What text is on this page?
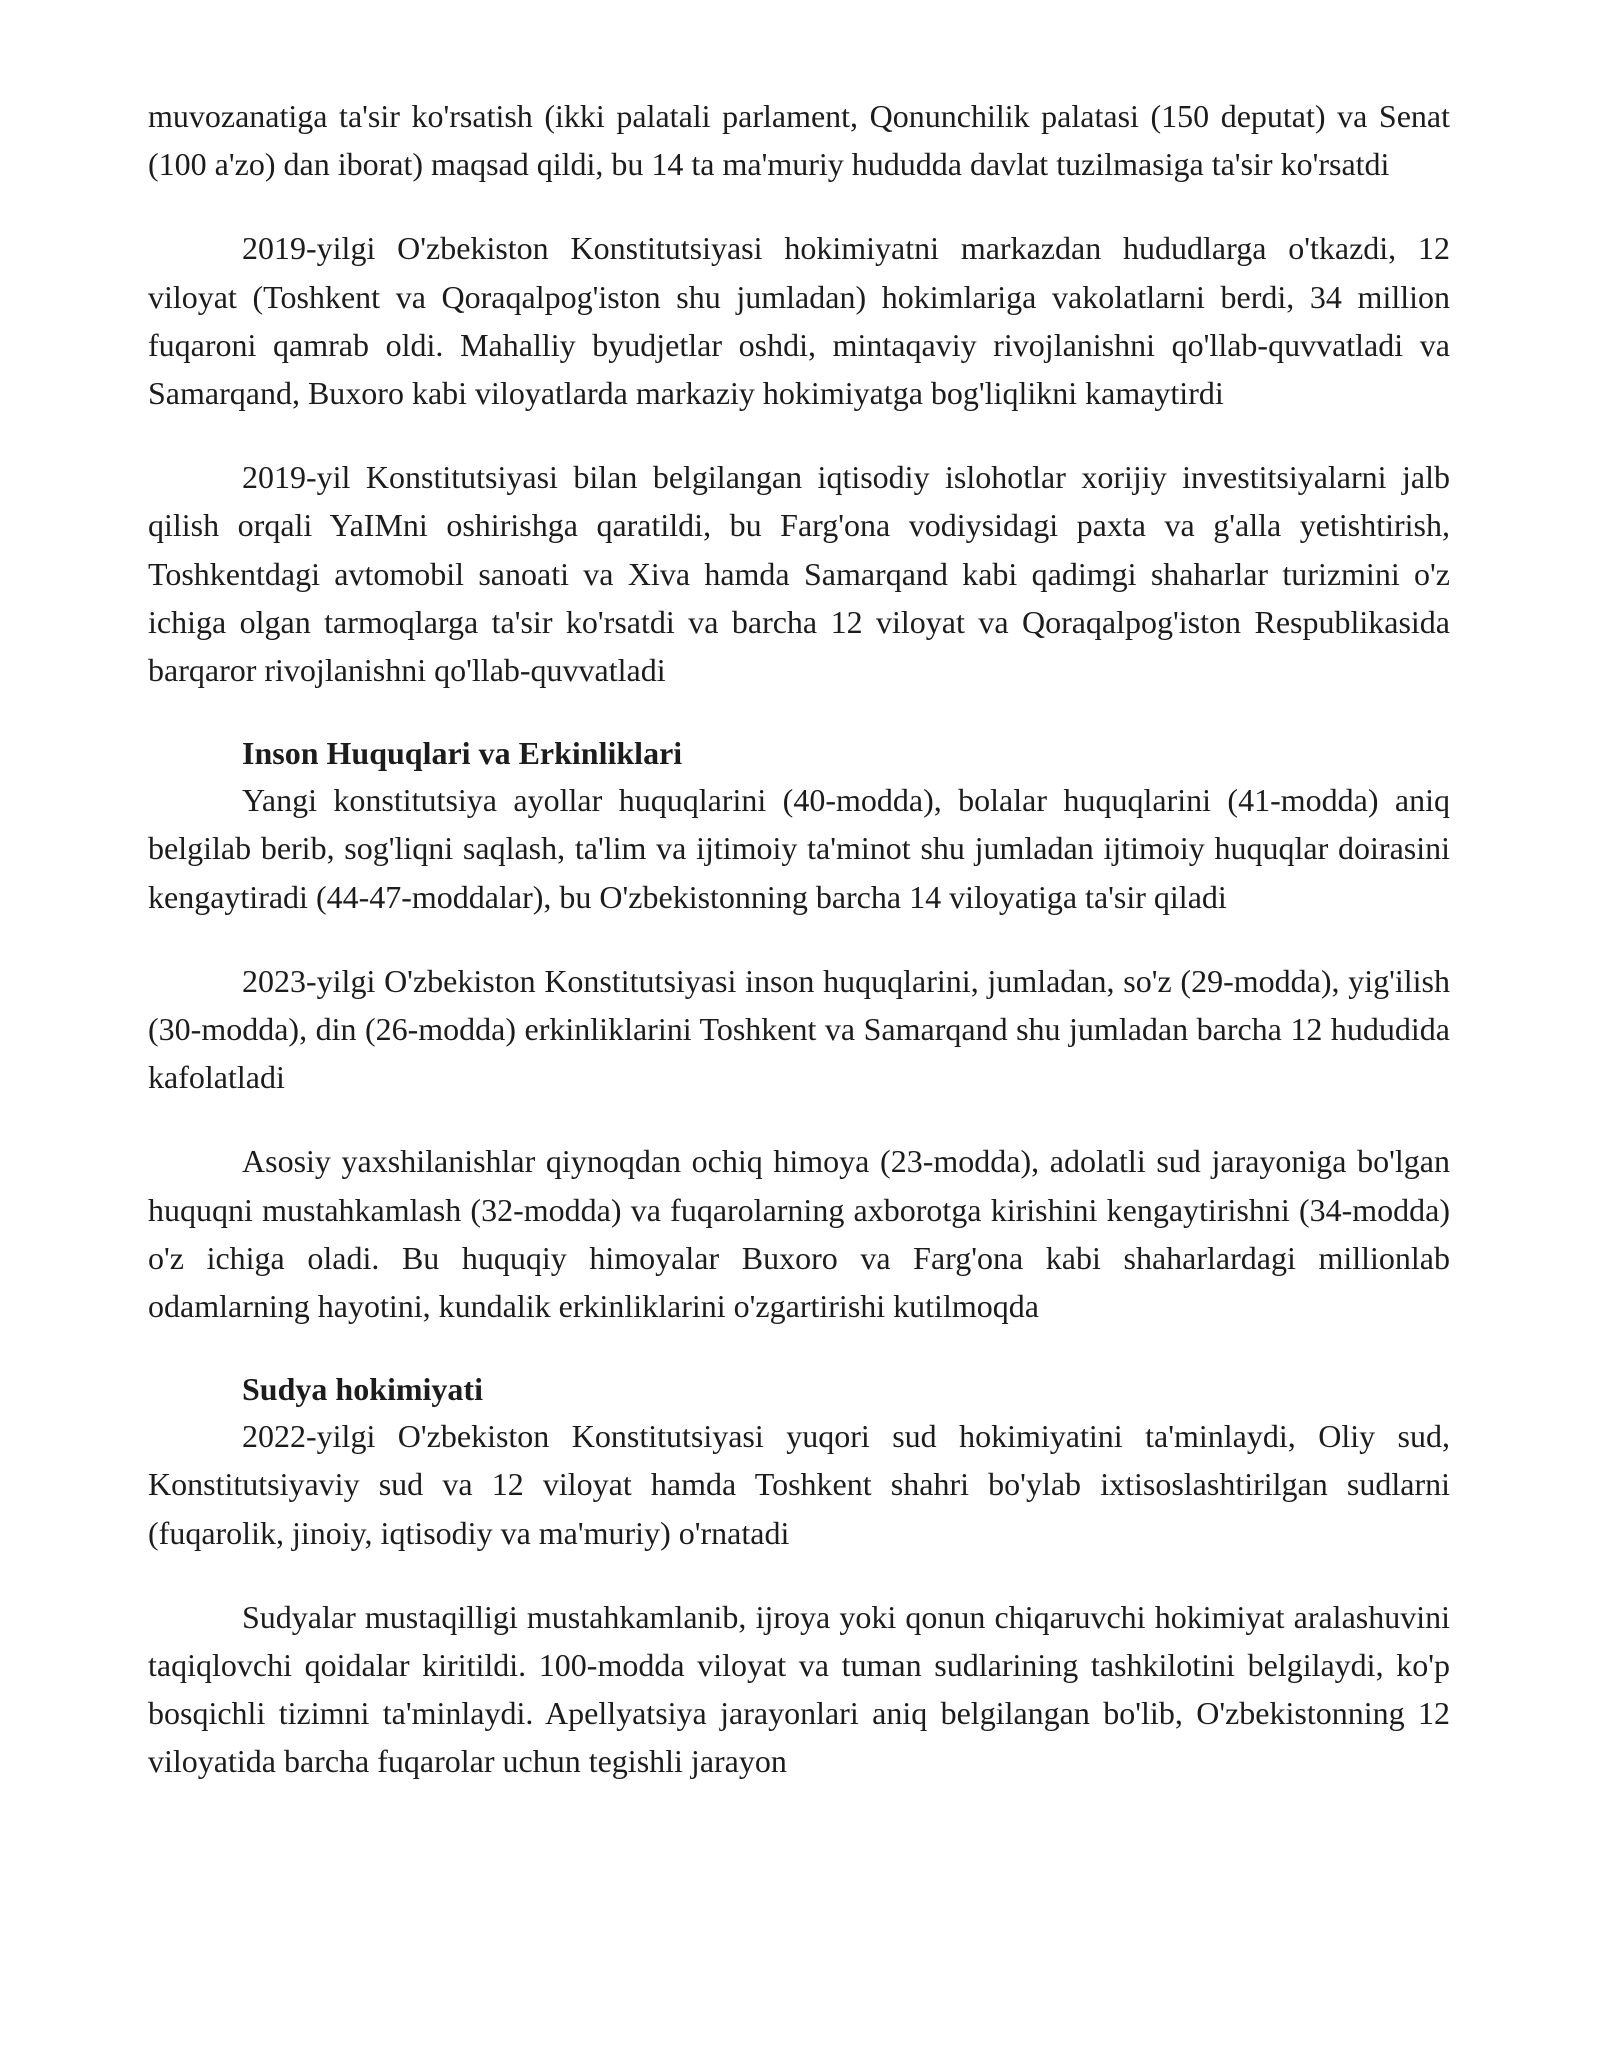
muvozanatiga ta'sir ko'rsatish (ikki palatali parlament, Qonunchilik palatasi (150 deputat) va Senat (100 a'zo) dan iborat) maqsad qildi, bu 14 ta ma'muriy hududda davlat tuzilmasiga ta'sir ko'rsatdi

2019-yilgi O'zbekiston Konstitutsiyasi hokimiyatni markazdan hududlarga o'tkazdi, 12 viloyat (Toshkent va Qoraqalpog'iston shu jumladan) hokimlariga vakolatlarni berdi, 34 million fuqaroni qamrab oldi. Mahalliy byudjetlar oshdi, mintaqaviy rivojlanishni qo'llab-quvvatladi va Samarqand, Buxoro kabi viloyatlarda markaziy hokimiyatga bog'liqlikni kamaytirdi

2019-yil Konstitutsiyasi bilan belgilangan iqtisodiy islohotlar xorijiy investitsiyalarni jalb qilish orqali YaIMni oshirishga qaratildi, bu Farg'ona vodiysidagi paxta va g'alla yetishtirish, Toshkentdagi avtomobil sanoati va Xiva hamda Samarqand kabi qadimgi shaharlar turizmini o'z ichiga olgan tarmoqlarga ta'sir ko'rsatdi va barcha 12 viloyat va Qoraqalpog'iston Respublikasida barqaror rivojlanishni qo'llab-quvvatladi

Inson Huquqlari va Erkinliklari

Yangi konstitutsiya ayollar huquqlarini (40-modda), bolalar huquqlarini (41-modda) aniq belgilab berib, sog'liqni saqlash, ta'lim va ijtimoiy ta'minot shu jumladan ijtimoiy huquqlar doirasini kengaytiradi (44-47-moddalar), bu O'zbekistonning barcha 14 viloyatiga ta'sir qiladi

2023-yilgi O'zbekiston Konstitutsiyasi inson huquqlarini, jumladan, so'z (29-modda), yig'ilish (30-modda), din (26-modda) erkinliklarini Toshkent va Samarqand shu jumladan barcha 12 hududida kafolatladi

Asosiy yaxshilanishlar qiynoqdan ochiq himoya (23-modda), adolatli sud jarayoniga bo'lgan huquqni mustahkamlash (32-modda) va fuqarolarning axborotga kirishini kengaytirishni (34-modda) o'z ichiga oladi. Bu huquqiy himoyalar Buxoro va Farg'ona kabi shaharlardagi millionlab odamlarning hayotini, kundalik erkinliklarini o'zgartirishi kutilmoqda

Sudya hokimiyati

2022-yilgi O'zbekiston Konstitutsiyasi yuqori sud hokimiyatini ta'minlaydi, Oliy sud, Konstitutsiyaviy sud va 12 viloyat hamda Toshkent shahri bo'ylab ixtisoslashtirilgan sudlarni (fuqarolik, jinoiy, iqtisodiy va ma'muriy) o'rnatadi

Sudyalar mustaqilligi mustahkamlanib, ijroya yoki qonun chiqaruvchi hokimiyat aralashuvini taqiqlovchi qoidalar kiritildi. 100-modda viloyat va tuman sudlarining tashkilotini belgilaydi, ko'p bosqichli tizimni ta'minlaydi. Apellyatsiya jarayonlari aniq belgilangan bo'lib, O'zbekistonning 12 viloyatida barcha fuqarolar uchun tegishli jarayon
